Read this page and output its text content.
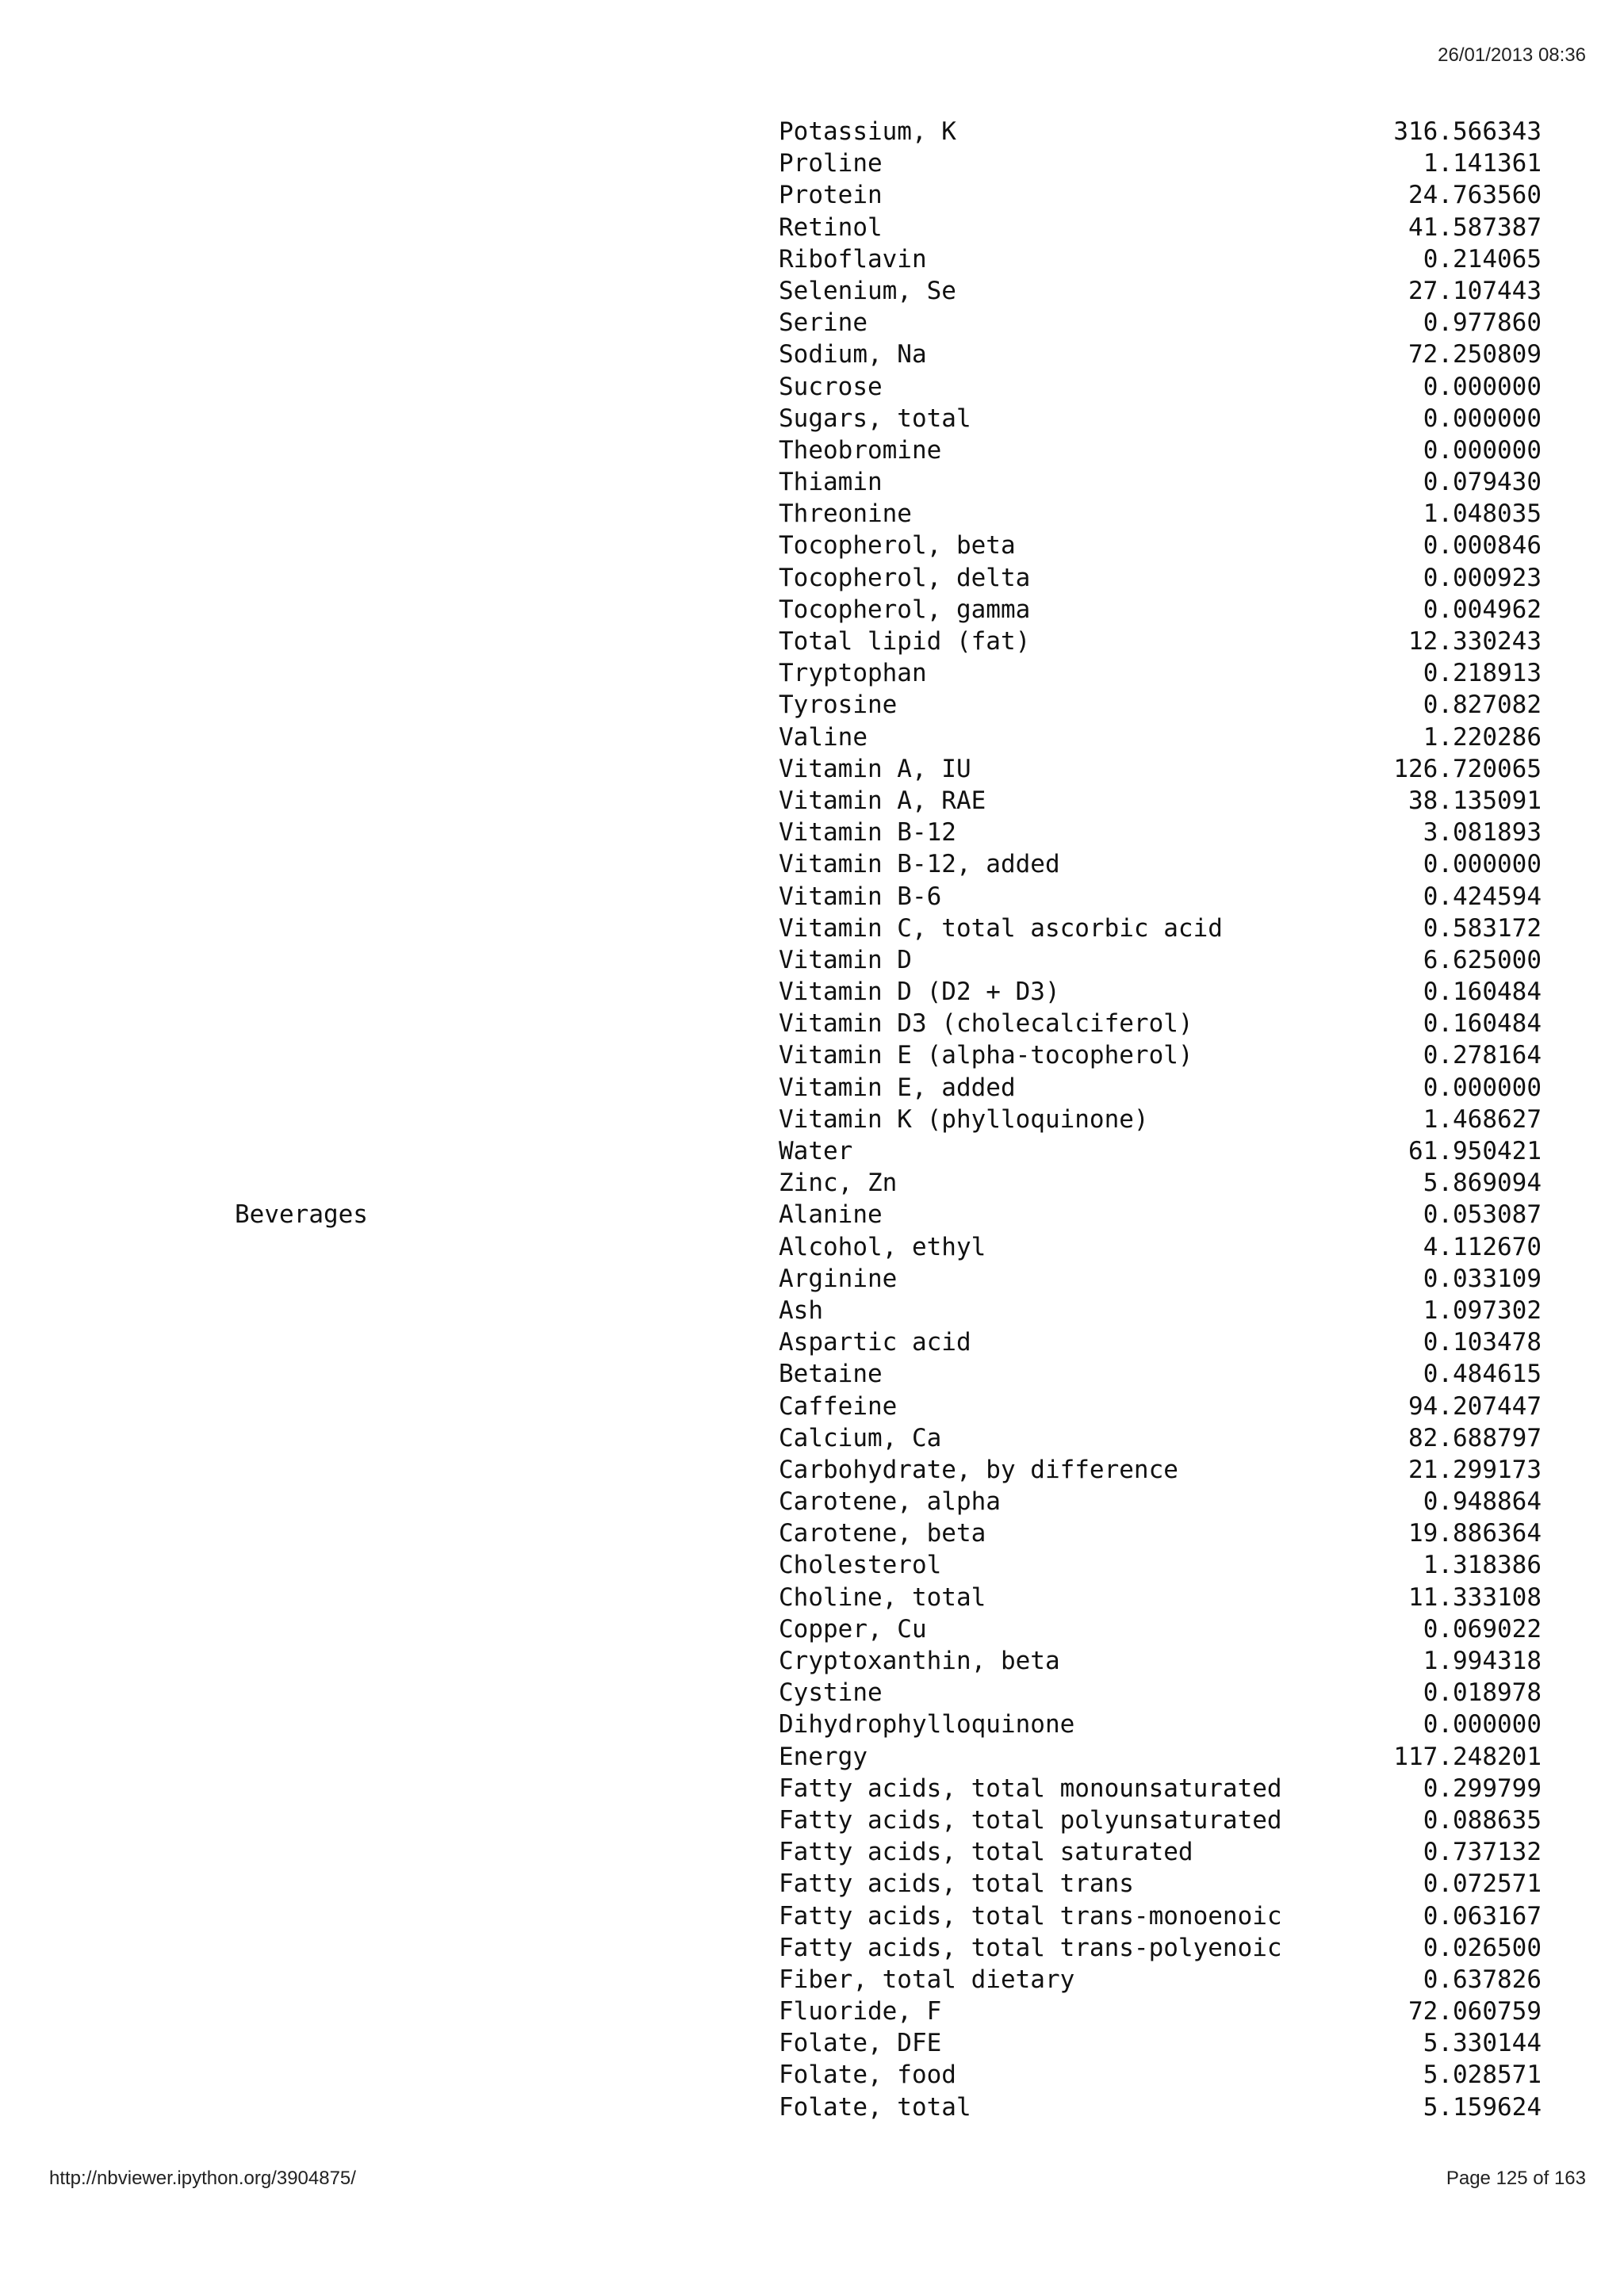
26/01/2013 08:36
Potassium, K	316.566343
Proline	1.141361
Protein	24.763560
Retinol	41.587387
Riboflavin	0.214065
Selenium, Se	27.107443
Serine	0.977860
Sodium, Na	72.250809
Sucrose	0.000000
Sugars, total	0.000000
Theobromine	0.000000
Thiamin	0.079430
Threonine	1.048035
Tocopherol, beta	0.000846
Tocopherol, delta	0.000923
Tocopherol, gamma	0.004962
Total lipid (fat)	12.330243
Tryptophan	0.218913
Tyrosine	0.827082
Valine	1.220286
Vitamin A, IU	126.720065
Vitamin A, RAE	38.135091
Vitamin B-12	3.081893
Vitamin B-12, added	0.000000
Vitamin B-6	0.424594
Vitamin C, total ascorbic acid	0.583172
Vitamin D	6.625000
Vitamin D (D2 + D3)	0.160484
Vitamin D3 (cholecalciferol)	0.160484
Vitamin E (alpha-tocopherol)	0.278164
Vitamin E, added	0.000000
Vitamin K (phylloquinone)	1.468627
Water	61.950421
Zinc, Zn	5.869094
Beverages	Alanine	0.053087
Alcohol, ethyl	4.112670
Arginine	0.033109
Ash	1.097302
Aspartic acid	0.103478
Betaine	0.484615
Caffeine	94.207447
Calcium, Ca	82.688797
Carbohydrate, by difference	21.299173
Carotene, alpha	0.948864
Carotene, beta	19.886364
Cholesterol	1.318386
Choline, total	11.333108
Copper, Cu	0.069022
Cryptoxanthin, beta	1.994318
Cystine	0.018978
Dihydrophylloquinone	0.000000
Energy	117.248201
Fatty acids, total monounsaturated	0.299799
Fatty acids, total polyunsaturated	0.088635
Fatty acids, total saturated	0.737132
Fatty acids, total trans	0.072571
Fatty acids, total trans-monoenoic	0.063167
Fatty acids, total trans-polyenoic	0.026500
Fiber, total dietary	0.637826
Fluoride, F	72.060759
Folate, DFE	5.330144
Folate, food	5.028571
Folate, total	5.159624
http://nbviewer.ipython.org/3904875/	Page 125 of 163
